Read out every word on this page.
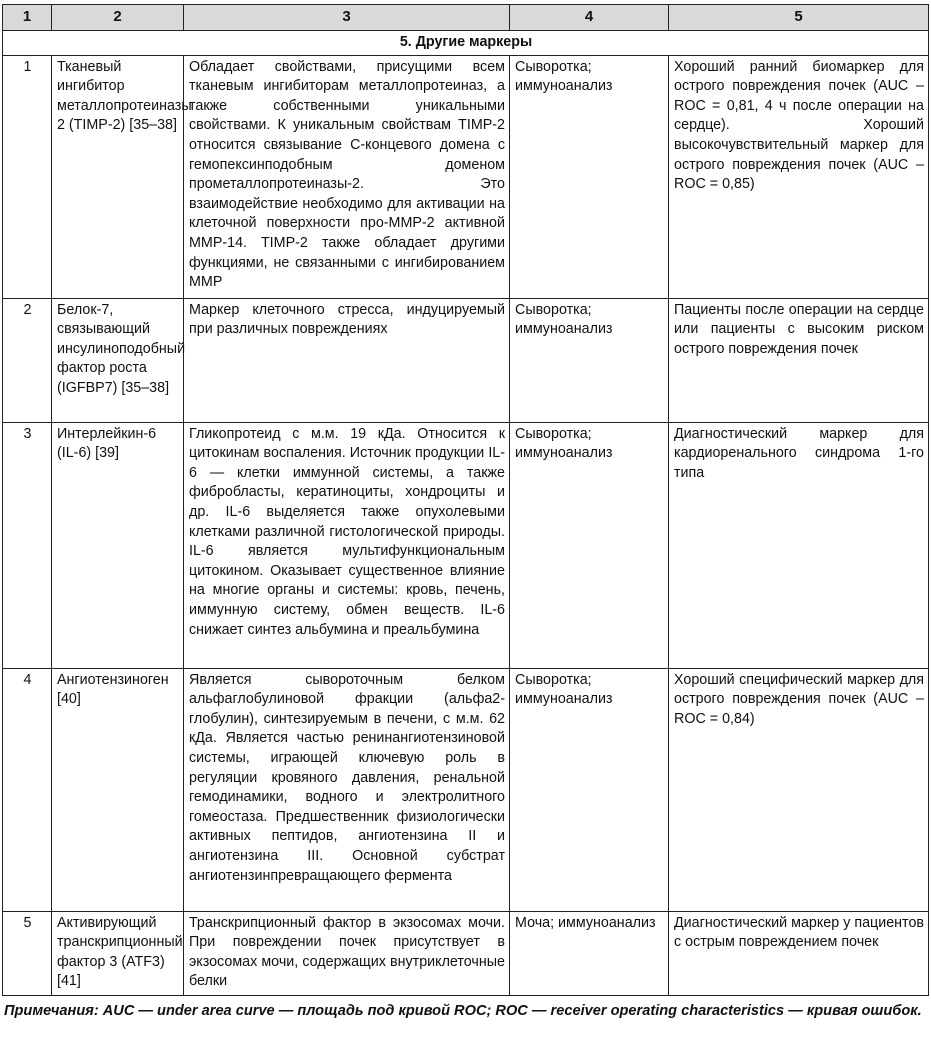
1	2	3	4	5
5. Другие маркеры				
1	Тканевый ингибитор металлопротеиназы 2 (TIMP-2) [35–38]	Обладает свойствами, присущими всем тканевым ингибиторам металлопротеиназ, а также собственными уникальными свойствами. К уникальным свойствам TIMP-2 относится связывание С-концевого домена с гемопексинподобным доменом прометаллопротеиназы-2. Это взаимодействие необходимо для активации на клеточной поверхности про-MMP-2 активной MMP-14. TIMP-2 также обладает другими функциями, не связанными с ингибированием MMP	Сыворотка; иммуноанализ	Хороший ранний биомаркер для острого повреждения почек (AUC – ROC = 0,81, 4 ч после операции на сердце). Хороший высокочувствительный маркер для острого повреждения почек (AUC – ROC = 0,85)
2	Белок-7, связывающий инсулиноподобный фактор роста (IGFBP7) [35–38]	Маркер клеточного стресса, индуцируемый при различных повреждениях	Сыворотка; иммуноанализ	Пациенты после операции на сердце или пациенты с высоким риском острого повреждения почек
3	Интерлейкин-6 (IL-6) [39]	Гликопротеид с м.м. 19 кДа. Относится к цитокинам воспаления. Источник продукции IL-6 — клетки иммунной системы, а также фибробласты, кератиноциты, хондроциты и др. IL-6 выделяется также опухолевыми клетками различной гистологической природы. IL-6 является мультифункциональным цитокином. Оказывает существенное влияние на многие органы и системы: кровь, печень, иммунную систему, обмен веществ. IL-6 снижает синтез альбумина и преальбумина	Сыворотка; иммуноанализ	Диагностический маркер для кардиоренального синдрома 1-го типа
4	Ангиотензиноген [40]	Является сывороточным белком альфаглобулиновой фракции (альфа2-глобулин), синтезируемым в печени, с м.м. 62 кДа. Является частью ренинангиотензиновой системы, играющей ключевую роль в регуляции кровяного давления, ренальной гемодинамики, водного и электролитного гомеостаза. Предшественник физиологически активных пептидов, ангиотензина II и ангиотензина III. Основной субстрат ангиотензинпревращающего фермента	Сыворотка; иммуноанализ	Хороший специфический маркер для острого повреждения почек (AUC – ROC = 0,84)
5	Активирующий транскрипционный фактор 3 (ATF3) [41]	Транскрипционный фактор в экзосомах мочи. При повреждении почек присутствует в экзосомах мочи, содержащих внутриклеточные белки	Моча; иммуноанализ	Диагностический маркер у пациентов с острым повреждением почек
Примечания: AUC — under area curve — площадь под кривой ROC; ROC — receiver operating characteristics — кривая ошибок.
